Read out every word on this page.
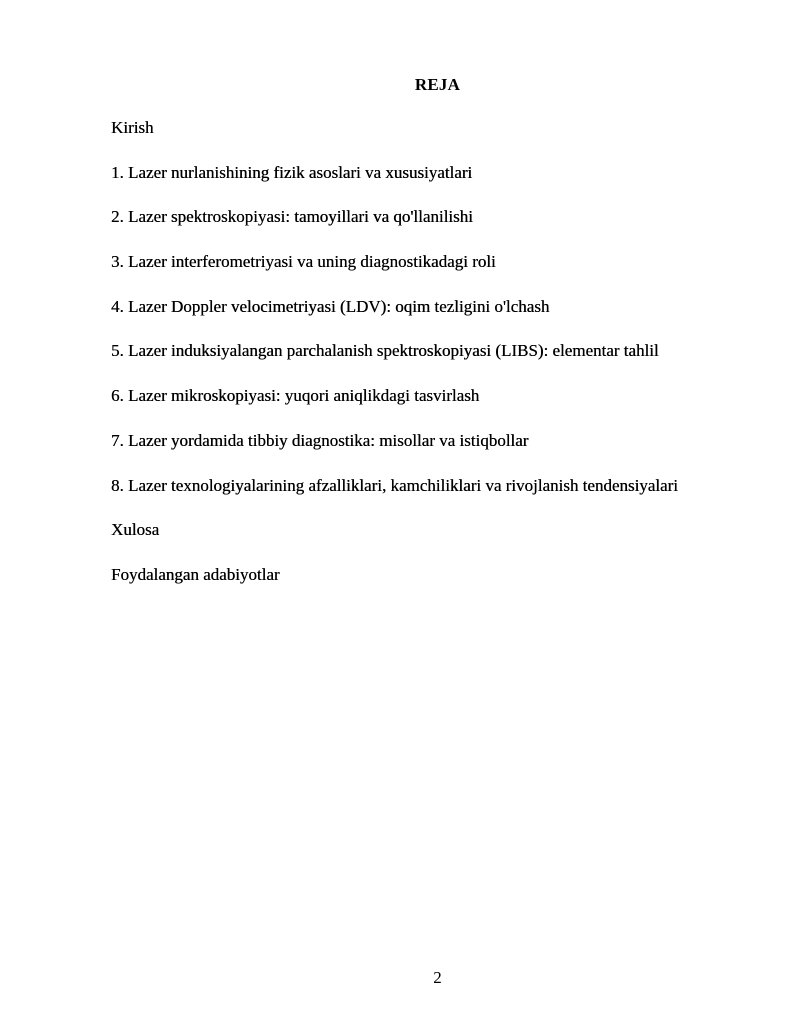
REJA
Kirish
1. Lazer nurlanishining fizik asoslari va xususiyatlari
2. Lazer spektroskopiyasi: tamoyillari va qo'llanilishi
3. Lazer interferometriyasi va uning diagnostikadagi roli
4. Lazer Doppler velocimetriyasi (LDV): oqim tezligini o'lchash
5. Lazer induksiyalangan parchalanish spektroskopiyasi (LIBS): elementar tahlil
6. Lazer mikroskopiyasi: yuqori aniqlikdagi tasvirlash
7. Lazer yordamida tibbiy diagnostika: misollar va istiqbollar
8. Lazer texnologiyalarining afzalliklari, kamchiliklari va rivojlanish tendensiyalari
Xulosa
Foydalangan adabiyotlar
2
